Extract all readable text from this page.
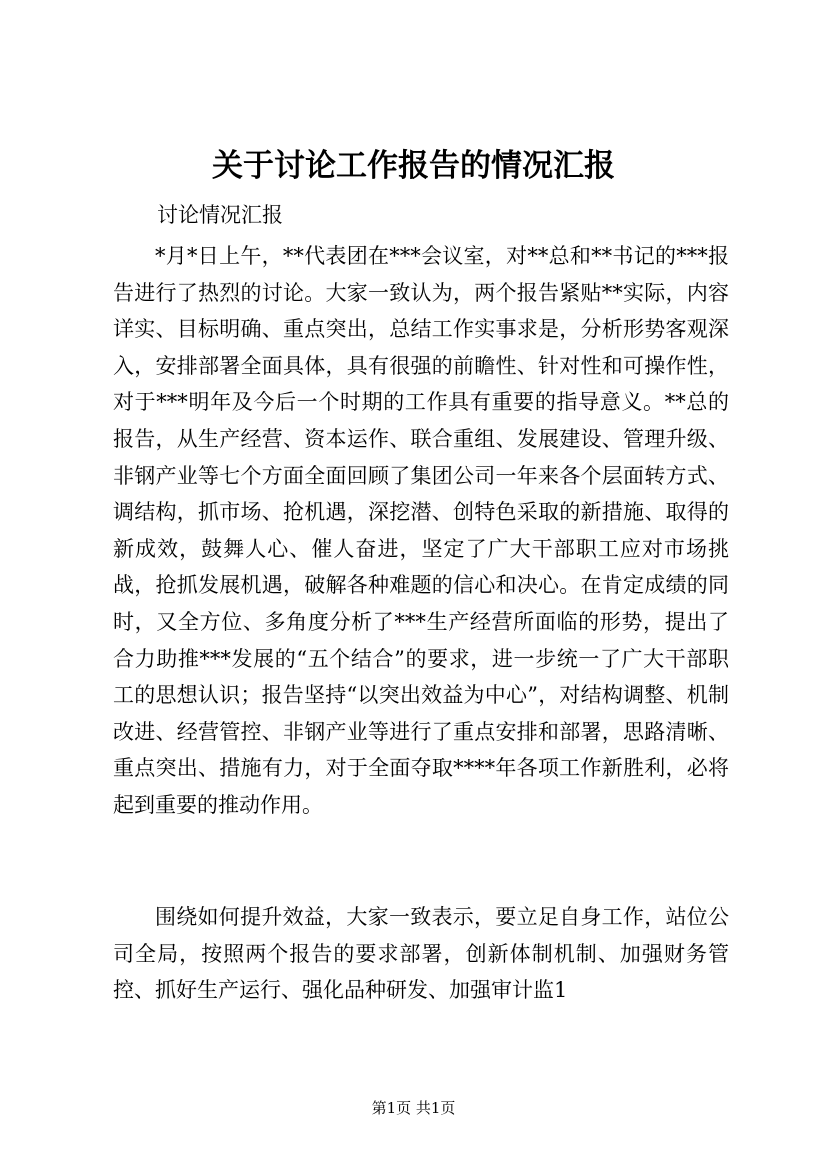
关于讨论工作报告的情况汇报
讨论情况汇报

*月*日上午，**代表团在***会议室，对**总和**书记的***报告进行了热烈的讨论。大家一致认为，两个报告紧贴**实际，内容详实、目标明确、重点突出，总结工作实事求是，分析形势客观深入，安排部署全面具体，具有很强的前瞻性、针对性和可操作性，对于***明年及今后一个时期的工作具有重要的指导意义。**总的报告，从生产经营、资本运作、联合重组、发展建设、管理升级、非钢产业等七个方面全面回顾了集团公司一年来各个层面转方式、调结构，抓市场、抢机遇，深挖潜、创特色采取的新措施、取得的新成效，鼓舞人心、催人奋进，坚定了广大干部职工应对市场挑战，抢抓发展机遇，破解各种难题的信心和决心。在肯定成绩的同时，又全方位、多角度分析了***生产经营所面临的形势，提出了合力助推***发展的“五个结合”的要求，进一步统一了广大干部职工的思想认识；报告坚持“以突出效益为中心”，对结构调整、机制改进、经营管控、非钢产业等进行了重点安排和部署，思路清晰、重点突出、措施有力，对于全面夺取****年各项工作新胜利，必将起到重要的推动作用。

围绕如何提升效益，大家一致表示，要立足自身工作，站位公司全局，按照两个报告的要求部署，创新体制机制、加强财务管控、抓好生产运行、强化品种研发、加强审计监1

第1页 共1页
